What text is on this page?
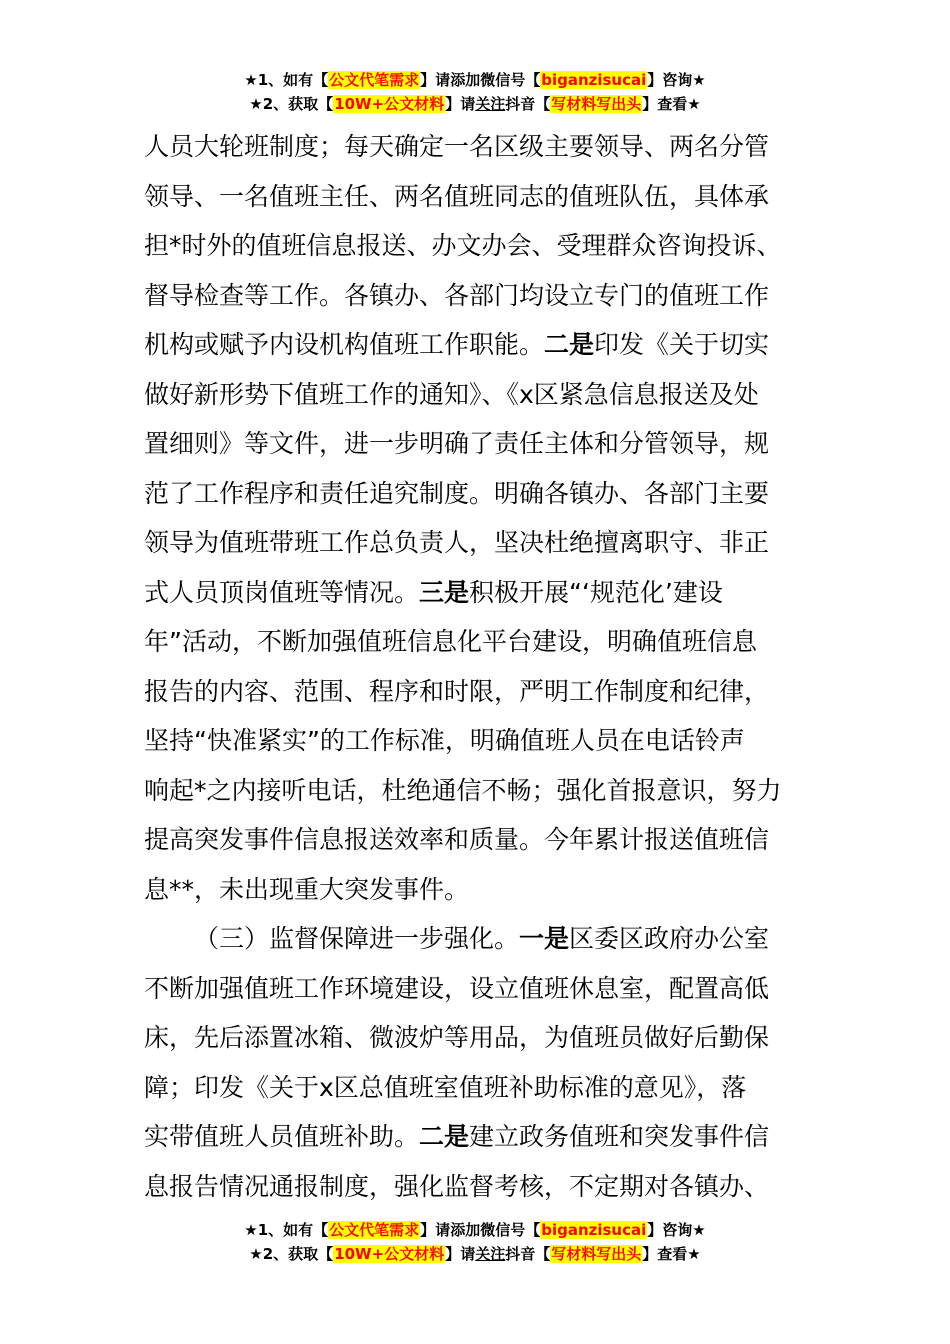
★1、如有【公文代笔需求】请添加微信号【biganzisucai】咨询★
★2、获取【10W+公文材料】请关注抖音【写材料写出头】查看★
人员大轮班制度；每天确定一名区级主要领导、两名分管
领导、一名值班主任、两名值班同志的值班队伍，具体承
担*时外的值班信息报送、办文办会、受理群众咨询投诉、
督导检查等工作。各镇办、各部门均设立专门的值班工作
机构或赋予内设机构值班工作职能。二是印发《关于切实
做好新形势下值班工作的通知》、《x区紧急信息报送及处
置细则》等文件，进一步明确了责任主体和分管领导，规
范了工作程序和责任追究制度。明确各镇办、各部门主要
领导为值班带班工作总负责人，坚决杜绝擅离职守、非正
式人员顶岗值班等情况。三是积极开展“‘规范化’建设
年”活动，不断加强值班信息化平台建设，明确值班信息
报告的内容、范围、程序和时限，严明工作制度和纪律，
坚持“快准紧实”的工作标准，明确值班人员在电话铃声
响起*之内接听电话，杜绝通信不畅；强化首报意识，努力
提高突发事件信息报送效率和质量。今年累计报送值班信
息**，未出现重大突发事件。
（三）监督保障进一步强化。一是区委区政府办公室
不断加强值班工作环境建设，设立值班休息室，配置高低
床，先后添置冰箱、微波炉等用品，为值班员做好后勤保
障；印发《关于x区总值班室值班补助标准的意见》，落
实带值班人员值班补助。二是建立政务值班和突发事件信
息报告情况通报制度，强化监督考核，不定期对各镇办、
★1、如有【公文代笔需求】请添加微信号【biganzisucai】咨询★
★2、获取【10W+公文材料】请关注抖音【写材料写出头】查看★
